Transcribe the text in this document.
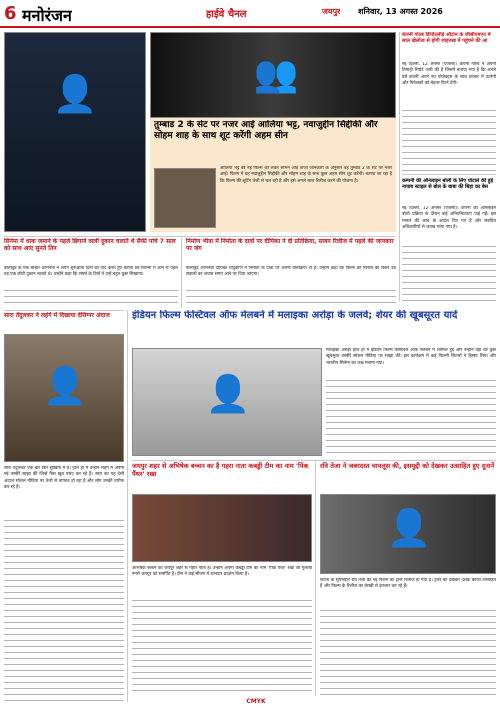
6 मनोरंजन	हाईवे चैनल	जयपुर शनिवार, 13 अगस्त 2026
👤	👥
तुम्बाड 2 के सेट पर नजर आई आलिया भट्ट, नवाजुद्दीन सिद्दीकी और सोहम शाह के साथ शूट करेंगी अहम सीन
आलिया भट्ट की नई फिल्म को लेकर सामने आई ताजा जानकारी के अनुसार वह तुम्बाड 2 के सेट पर नजर आईं। फिल्म में वह नवाजुद्दीन सिद्दीकी और सोहम शाह के साथ कुछ अहम सीन शूट करेंगी। बताया जा रहा है कि फिल्म की शूटिंग तेजी से चल रही है और इसे अगले साल रिलीज करने की योजना है।
कंपनी गोल्ड डिजिटलीई ऑटोन के जीसीएमएन में साल खेलोत्व से होगी शाहरुख में पहुंचने की आ
नई दिल्ली, 12 अगस्त (एजेंसी)। कंपनी गोल्ड ने अपनी तिमाही रिपोर्ट जारी की है जिसमें बताया गया है कि अगले वर्ष कंपनी अपने नए प्रोजेक्ट्स के साथ बाजार में उतरेगी और निवेशकों को बेहतर रिटर्न देगी।
कम्पनी की ऑनलाइन बोली के लिए घोटाले की हुई नायाब स्टाइल से बोल के बाबा की बिहा का बेस
नई दिल्ली, 12 अगस्त (एजेंसी)। कंपनी की ऑनलाइन बोली प्रक्रिया के दौरान कई अनियमितताएं पाई गईं। इस मामले की जांच के आदेश दिए गए हैं और संबंधित अधिकारियों से जवाब मांगा गया है।
सिनेमा में धाक जमाने के पहले छिपाने वाली दुकान चलाते थे सैफी पांचे 7 साल को साथ आए सुनते तिन
बॉलीवुड के एक चर्चित अभिनेता ने अपने शुरुआती दिनों को याद करते हुए बताया कि फिल्मों में आने से पहले वह एक छोटी दुकान चलाते थे। उन्होंने कहा कि संघर्ष के दिनों ने उन्हें बहुत कुछ सिखाया।
निर्माण भीवा में निर्माता के दावों पर दीपिका ने दी प्रतिक्रिया, सावन रिलीज में पहले की जानकार पर जंग
बॉलीवुड अभिनेत्री दीपिका पादुकोण ने निर्माता के दावों पर अपनी प्रतिक्रिया दी है। उन्होंने कहा कि फिल्म की रिलीज को लेकर उठे सवालों का जवाब समय आने पर दिया जाएगा।
सारा तेंदुलकर ने लहंगे में दिखाया देसिग्नर अंदाज
👤
सारा तेंदुलकर एक बार फिर सुर्खियों में हैं। हाल ही में उन्होंने लहंगे में अपनी नई तस्वीरें साझा कीं जिन्हें फैंस खूब पसंद कर रहे हैं। सारा का यह देसी अंदाज सोशल मीडिया पर तेजी से वायरल हो रहा है और लोग उनकी तारीफ कर रहे हैं।
इंडियन फिल्म फेस्टिवल ऑफ मेलबर्न में मलाइका अरोड़ा के जलवे; शेयर की खूबसूरत यादें
👤
मलाइका अरोड़ा हाल ही में इंडियन फिल्म फेस्टिवल ऑफ मेलबर्न में शामिल हुईं और उन्होंने वहां की कुछ खूबसूरत तस्वीरें सोशल मीडिया पर साझा कीं। इस कार्यक्रम में कई फिल्मी सितारों ने हिस्सा लिया और भारतीय सिनेमा का जश्न मनाया गया।
जयपुर शहर से अभिषेक बच्चन का है गहरा नाता कबड्डी टीम का नाम 'पिंक पैंथर' रखा
अभिषेक बच्चन का जयपुर शहर से गहरा नाता है। उन्होंने अपनी कबड्डी टीम का नाम 'पिंक पैंथर' रखा जो गुलाबी नगरी जयपुर को समर्पित है। टीम ने कई सीजन में शानदार प्रदर्शन किया है।
रवि तेजा ने जबरदस्त चापलूस की, इसमुद्दी को देखकर उत्साहित हुए दूनानें
👤
साउथ के सुपरस्टार रवि तेजा की नई फिल्म का ट्रेलर रिलीज हो गया है। ट्रेलर को देखकर दर्शक काफी उत्साहित हैं और फिल्म के रिलीज का बेसब्री से इंतजार कर रहे हैं।
CMYK
